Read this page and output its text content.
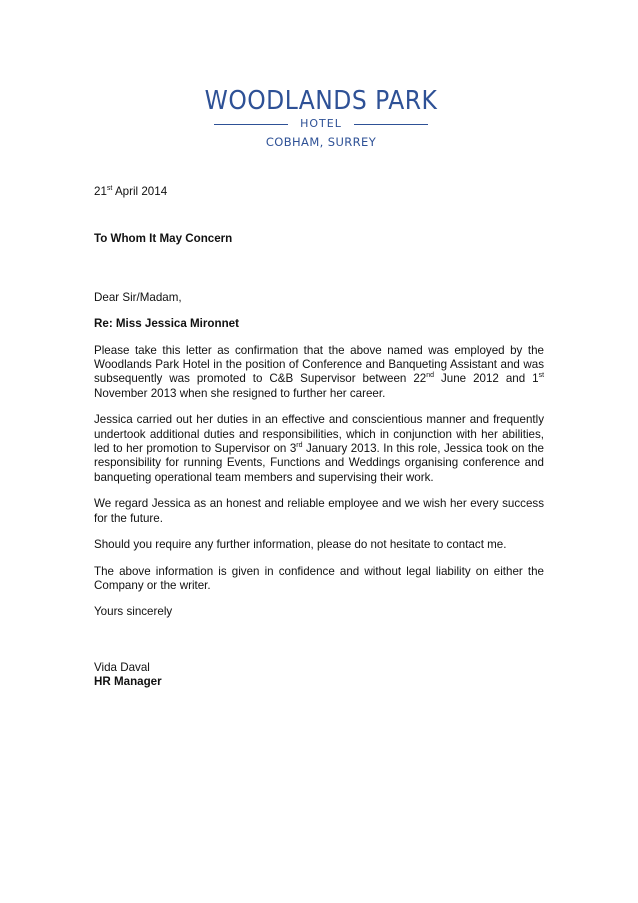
WOODLANDS PARK
HOTEL
COBHAM, SURREY

21st April 2014

To Whom It May Concern

Dear Sir/Madam,

Re: Miss Jessica Mironnet

Please take this letter as confirmation that the above named was employed by the Woodlands Park Hotel in the position of Conference and Banqueting Assistant and was subsequently was promoted to C&B Supervisor between 22nd June 2012 and 1st November 2013 when she resigned to further her career.

Jessica carried out her duties in an effective and conscientious manner and frequently undertook additional duties and responsibilities, which in conjunction with her abilities, led to her promotion to Supervisor on 3rd January 2013. In this role, Jessica took on the responsibility for running Events, Functions and Weddings organising conference and banqueting operational team members and supervising their work.

We regard Jessica as an honest and reliable employee and we wish her every success for the future.

Should you require any further information, please do not hesitate to contact me.

The above information is given in confidence and without legal liability on either the Company or the writer.

Yours sincerely

Vida Daval

HR Manager
